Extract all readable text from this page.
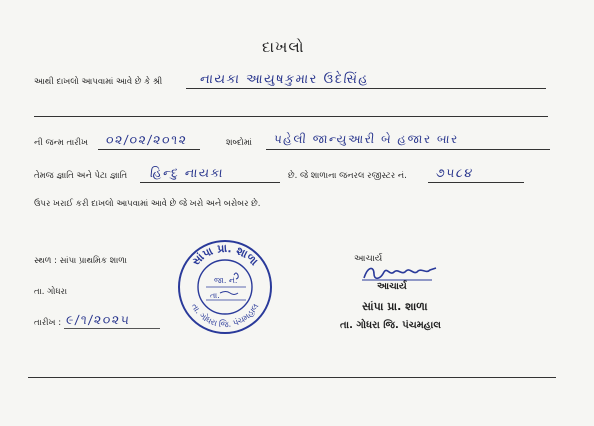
દાખલો
આથી દાખલો આપવામાં આવે છે કે શ્રી	નાયકા આયુષકુમાર ઉદેસિંહ
ની જન્મ તારીખ ૦૨/૦૨/૨૦૧૨	શબ્દોમાં પહેલી જાન્યુઆરી બે હજાર બાર
તેમજ જ્ઞાતિ અને પેટા જ્ઞાતિ હિન્દુ નાયકા	છે. જે શાળાના જનરલ રજીસ્ટર નં. ૭૫૮૪
ઉપર ખરાઈ કરી દાખલો આપવામાં આવે છે જે ખરો અને બરોબર છે.
સ્થળ : સાંપા પ્રાથમિક શાળા
તા. ગોધરા
તારીખ : ૯/૧/૨૦૨૫
સાંપા પ્રા. શાળા
તા. ગોધરા જિ. પંચમહાલ
જા. નં.
તા.
આચાર્ય
આચાર્ય
સાંપા પ્રા. શાળા
તા. ગોધરા જિ. પંચમહાલ
